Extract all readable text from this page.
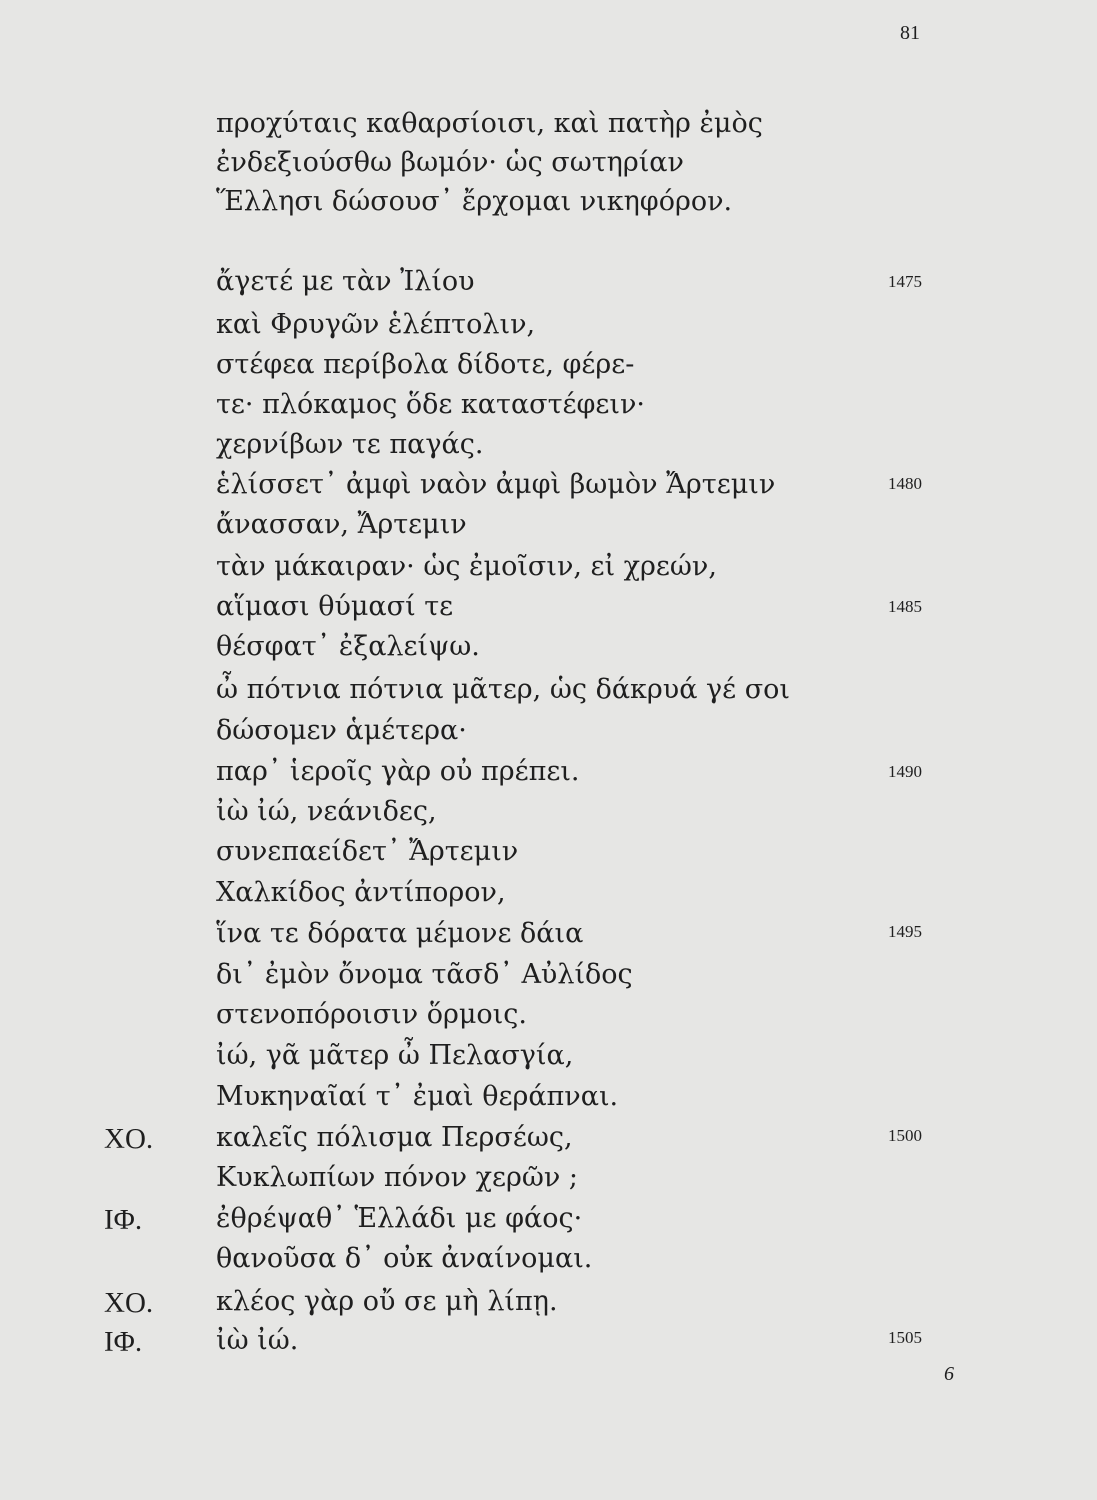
81
προχύταις καθαρσίοισι, καὶ πατὴρ ἐμὸς
ἐνδεξιούσθω βωμόν· ὡς σωτηρίαν
Ἕλλησι δώσουσ᾽ ἔρχομαι νικηφόρον.
ἄγετέ με τὰν Ἰλίου	1475
καὶ Φρυγῶν ἑλέπτολιν,
στέφεα περίβολα δίδοτε, φέρε-
τε· πλόκαμος ὅδε καταστέφειν·
χερνίβων τε παγάς.
ἑλίσσετ᾽ ἀμφὶ ναὸν ἀμφὶ βωμὸν Ἄρτεμιν	1480
ἄνασσαν, Ἄρτεμιν
τὰν μάκαιραν· ὡς ἐμοῖσιν, εἰ χρεών,
αἵμασι θύμασί τε	1485
θέσφατ᾽ ἐξαλείψω.
ὦ πότνια πότνια μᾶτερ, ὡς δάκρυά γέ σοι
δώσομεν ἁμέτερα·
παρ᾽ ἱεροῖς γὰρ οὐ πρέπει.	1490
ἰὼ ἰώ, νεάνιδες,
συνεπαείδετ᾽ Ἄρτεμιν
Χαλκίδος ἀντίπορον,
ἵνα τε δόρατα μέμονε δάια	1495
δι᾽ ἐμὸν ὄνομα τᾶσδ᾽ Αὐλίδος
στενοπόροισιν ὅρμοις.
ἰώ, γᾶ μᾶτερ ὦ Πελασγία,
Μυκηναῖαί τ᾽ ἐμαὶ θεράπναι.
ΧΟ. καλεῖς πόλισμα Περσέως,	1500
Κυκλωπίων πόνον χερῶν ;
ΙΦ.	ἐθρέψαθ᾽ Ἑλλάδι με φάος·
θανοῦσα δ᾽ οὐκ ἀναίνομαι.
ΧΟ. κλέος γὰρ οὔ σε μὴ λίπῃ.
ΙΦ.	ἰὼ ἰώ.	1505
6
